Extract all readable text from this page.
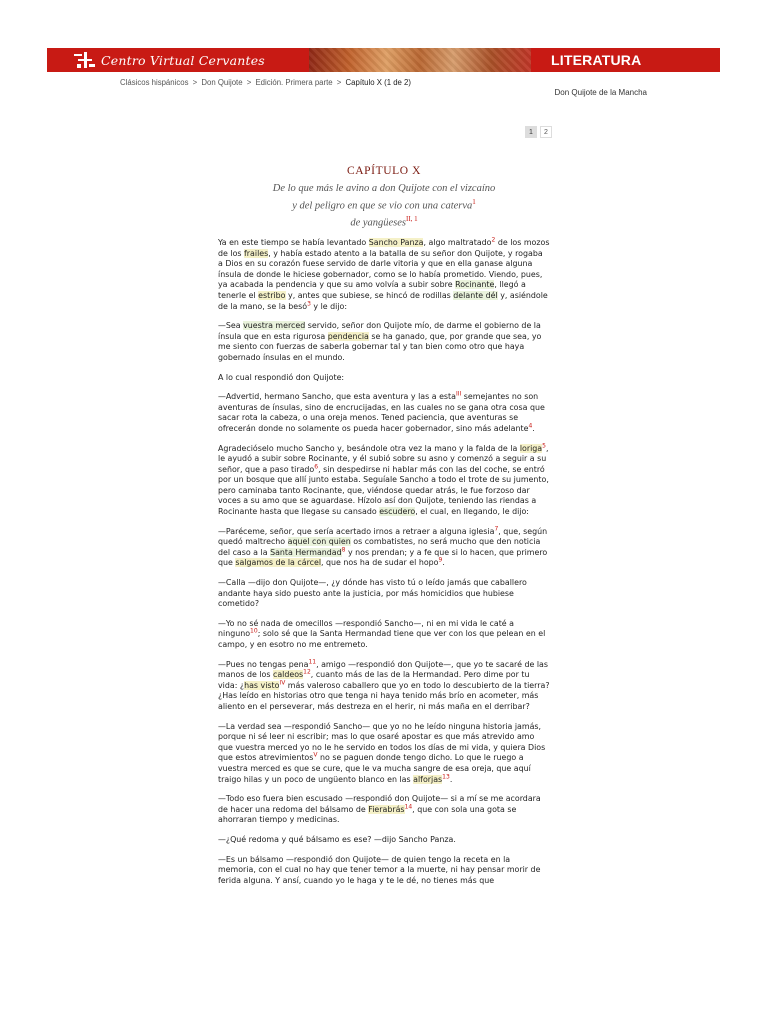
Centro Virtual Cervantes	LITERATURA
Clásicos hispánicos > Don Quijote > Edición. Primera parte > Capítulo X (1 de 2)
Don Quijote de la Mancha
1	2
CAPÍTULO X
De lo que más le avino a don Quijote con el vizcaíno
y del peligro en que se vio con una caterva$^1$
de yangüeses$^{II, 1}$

Ya en este tiempo se había levantado Sancho Panza, algo maltratado$^2$ de los mozos de los frailes, y había estado atento a la batalla de su señor don Quijote, y rogaba a Dios en su corazón fuese servido de darle vitoria y que en ella ganase alguna ínsula de donde le hiciese gobernador, como se lo había prometido. Viendo, pues, ya acabada la pendencia y que su amo volvía a subir sobre Rocinante, llegó a tenerle el estribo y, antes que subiese, se hincó de rodillas delante dél y, asiéndole de la mano, se la besó$^3$ y le dijo:

—Sea vuestra merced servido, señor don Quijote mío, de darme el gobierno de la ínsula que en esta rigurosa pendencia se ha ganado, que, por grande que sea, yo me siento con fuerzas de saberla gobernar tal y tan bien como otro que haya gobernado ínsulas en el mundo.

A lo cual respondió don Quijote:

—Advertid, hermano Sancho, que esta aventura y las a esta$^{III}$ semejantes no son aventuras de ínsulas, sino de encrucijadas, en las cuales no se gana otra cosa que sacar rota la cabeza, o una oreja menos. Tened paciencia, que aventuras se ofrecerán donde no solamente os pueda hacer gobernador, sino más adelante$^4$.

Agradecióselo mucho Sancho y, besándole otra vez la mano y la falda de la loriga$^5$, le ayudó a subir sobre Rocinante, y él subió sobre su asno y comenzó a seguir a su señor, que a paso tirado$^6$, sin despedirse ni hablar más con las del coche, se entró por un bosque que allí junto estaba. Seguíale Sancho a todo el trote de su jumento, pero caminaba tanto Rocinante, que, viéndose quedar atrás, le fue forzoso dar voces a su amo que se aguardase. Hízolo así don Quijote, teniendo las riendas a Rocinante hasta que llegase su cansado escudero, el cual, en llegando, le dijo:

—Paréceme, señor, que sería acertado irnos a retraer a alguna iglesia$^7$, que, según quedó maltrecho aquel con quien os combatistes, no será mucho que den noticia del caso a la Santa Hermandad$^8$ y nos prendan; y a fe que si lo hacen, que primero que salgamos de la cárcel, que nos ha de sudar el hopo$^9$.

—Calla —dijo don Quijote—, ¿y dónde has visto tú o leído jamás que caballero andante haya sido puesto ante la justicia, por más homicidios que hubiese cometido?

—Yo no sé nada de omecillos —respondió Sancho—, ni en mi vida le caté a ninguno$^{10}$; solo sé que la Santa Hermandad tiene que ver con los que pelean en el campo, y en esotro no me entremeto.

—Pues no tengas pena$^{11}$, amigo —respondió don Quijote—, que yo te sacaré de las manos de los caldeos$^{12}$, cuanto más de las de la Hermandad. Pero dime por tu vida: ¿has visto$^{IV}$ más valeroso caballero que yo en todo lo descubierto de la tierra? ¿Has leído en historias otro que tenga ni haya tenido más brío en acometer, más aliento en el perseverar, más destreza en el herir, ni más maña en el derribar?

—La verdad sea —respondió Sancho— que yo no he leído ninguna historia jamás, porque ni sé leer ni escribir; mas lo que osaré apostar es que más atrevido amo que vuestra merced yo no le he servido en todos los días de mi vida, y quiera Dios que estos atrevimientos$^V$ no se paguen donde tengo dicho. Lo que le ruego a vuestra merced es que se cure, que le va mucha sangre de esa oreja, que aquí traigo hilas y un poco de ungüento blanco en las alforjas$^{13}$.

—Todo eso fuera bien escusado —respondió don Quijote— si a mí se me acordara de hacer una redoma del bálsamo de Fierabrás$^{14}$, que con sola una gota se ahorraran tiempo y medicinas.

—¿Qué redoma y qué bálsamo es ese? —dijo Sancho Panza.

—Es un bálsamo —respondió don Quijote— de quien tengo la receta en la memoria, con el cual no hay que tener temor a la muerte, ni hay pensar morir de ferida alguna. Y ansí, cuando yo le haga y te le dé, no tienes más que
